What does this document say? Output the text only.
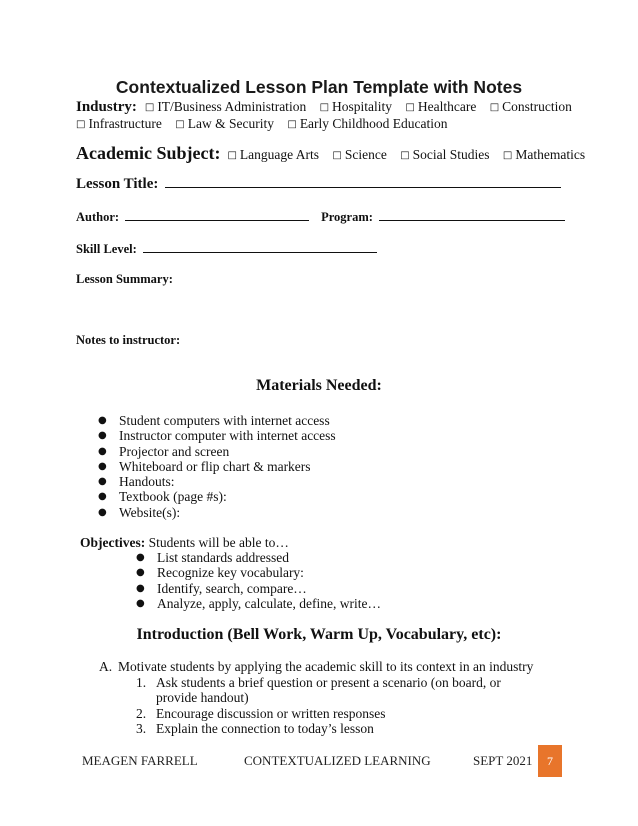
Contextualized Lesson Plan Template with Notes
Industry: □ IT/Business Administration □ Hospitality □ Healthcare □ Construction
□ Infrastructure □ Law & Security □ Early Childhood Education
Academic Subject: □ Language Arts □ Science □ Social Studies □ Mathematics
Lesson Title:
Author:	Program:
Skill Level:
Lesson Summary:
Notes to instructor:
Materials Needed:
● Student computers with internet access
● Instructor computer with internet access
● Projector and screen
● Whiteboard or flip chart & markers
● Handouts:
● Textbook (page #s):
● Website(s):
Objectives: Students will be able to…
● List standards addressed
● Recognize key vocabulary:
● Identify, search, compare…
● Analyze, apply, calculate, define, write…
Introduction (Bell Work, Warm Up, Vocabulary, etc):
A. Motivate students by applying the academic skill to its context in an industry
1. Ask students a brief question or present a scenario (on board, or
provide handout)
2. Encourage discussion or written responses
3. Explain the connection to today’s lesson
MEAGEN FARRELL	CONTEXTUALIZED LEARNING	SEPT 2021	7
